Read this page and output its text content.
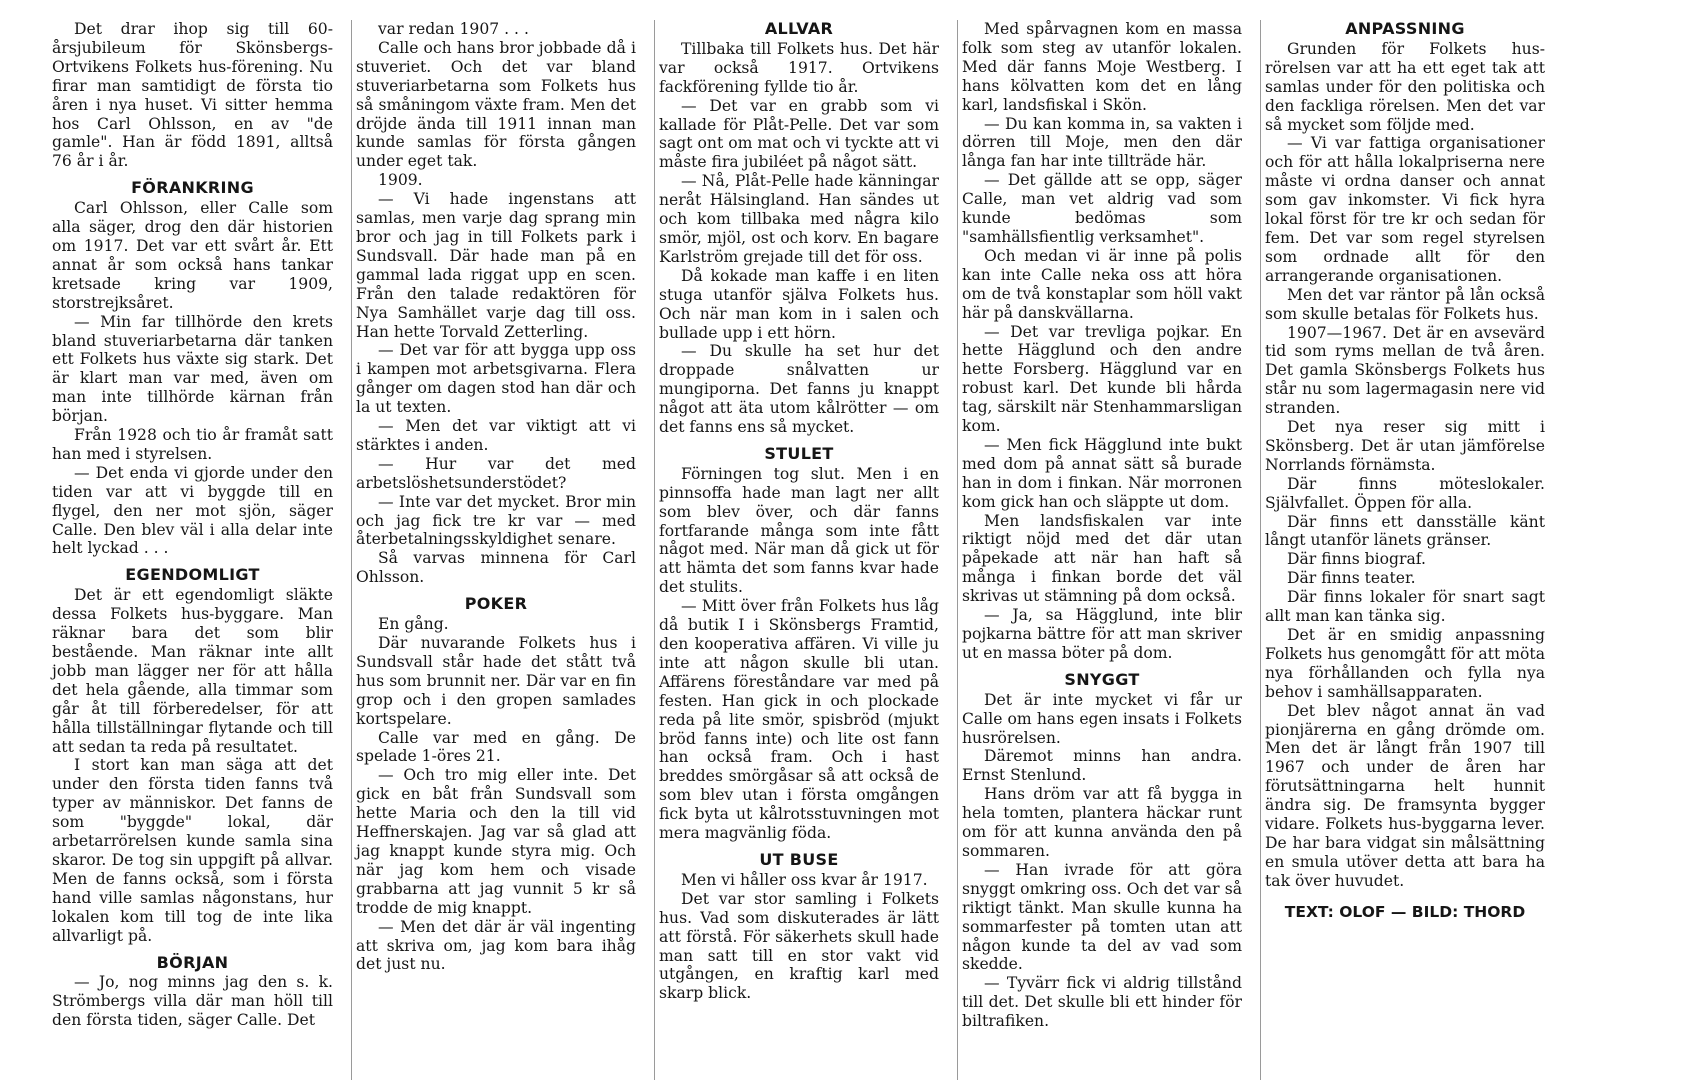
Det drar ihop sig till 60-årsjubileum för Skönsbergs-Ortvikens Folkets hus-förening. Nu firar man samtidigt de första tio åren i nya huset. Vi sitter hemma hos Carl Ohlsson, en av "de gamle". Han är född 1891, alltså 76 år i år.

FÖRANKRING

Carl Ohlsson, eller Calle som alla säger, drog den där historien om 1917. Det var ett svårt år. Ett annat år som också hans tankar kretsade kring var 1909, storstrejksåret.

— Min far tillhörde den krets bland stuveriarbetarna där tanken ett Folkets hus växte sig stark. Det är klart man var med, även om man inte tillhörde kärnan från början.

Från 1928 och tio år framåt satt han med i styrelsen.

— Det enda vi gjorde under den tiden var att vi byggde till en flygel, den ner mot sjön, säger Calle. Den blev väl i alla delar inte helt lyckad . . .

EGENDOMLIGT

Det är ett egendomligt släkte dessa Folkets hus-byggare. Man räknar bara det som blir bestående. Man räknar inte allt jobb man lägger ner för att hålla det hela gående, alla timmar som går åt till förberedelser, för att hålla tillställningar flytande och till att sedan ta reda på resultatet.

I stort kan man säga att det under den första tiden fanns två typer av människor. Det fanns de som "byggde" lokal, där arbetarrörelsen kunde samla sina skaror. De tog sin uppgift på allvar. Men de fanns också, som i första hand ville samlas någonstans, hur lokalen kom till tog de inte lika allvarligt på.

BÖRJAN

— Jo, nog minns jag den s. k. Strömbergs villa där man höll till den första tiden, säger Calle. Det

var redan 1907 . . .

Calle och hans bror jobbade då i stuveriet. Och det var bland stuveriarbetarna som Folkets hus så småningom växte fram. Men det dröjde ända till 1911 innan man kunde samlas för första gången under eget tak.

1909.

— Vi hade ingenstans att samlas, men varje dag sprang min bror och jag in till Folkets park i Sundsvall. Där hade man på en gammal lada riggat upp en scen. Från den talade redaktören för Nya Samhället varje dag till oss. Han hette Torvald Zetterling.

— Det var för att bygga upp oss i kampen mot arbetsgivarna. Flera gånger om dagen stod han där och la ut texten.

— Men det var viktigt att vi stärktes i anden.

— Hur var det med arbetslöshetsunderstödet?

— Inte var det mycket. Bror min och jag fick tre kr var — med återbetalningsskyldighet senare.

Så varvas minnena för Carl Ohlsson.

POKER

En gång.

Där nuvarande Folkets hus i Sundsvall står hade det stått två hus som brunnit ner. Där var en fin grop och i den gropen samlades kortspelare.

Calle var med en gång. De spelade 1-öres 21.

— Och tro mig eller inte. Det gick en båt från Sundsvall som hette Maria och den la till vid Heffnerskajen. Jag var så glad att jag knappt kunde styra mig. Och när jag kom hem och visade grabbarna att jag vunnit 5 kr så trodde de mig knappt.

— Men det där är väl ingenting att skriva om, jag kom bara ihåg det just nu.

ALLVAR

Tillbaka till Folkets hus. Det här var också 1917. Ortvikens fackförening fyllde tio år.

— Det var en grabb som vi kallade för Plåt-Pelle. Det var som sagt ont om mat och vi tyckte att vi måste fira jubiléet på något sätt.

— Nå, Plåt-Pelle hade känningar neråt Hälsingland. Han sändes ut och kom tillbaka med några kilo smör, mjöl, ost och korv. En bagare Karlström grejade till det för oss.

Då kokade man kaffe i en liten stuga utanför själva Folkets hus. Och när man kom in i salen och bullade upp i ett hörn.

— Du skulle ha set hur det droppade snålvatten ur mungiporna. Det fanns ju knappt något att äta utom kålrötter — om det fanns ens så mycket.

STULET

Förningen tog slut. Men i en pinnsoffa hade man lagt ner allt som blev över, och där fanns fortfarande många som inte fått något med. När man då gick ut för att hämta det som fanns kvar hade det stulits.

— Mitt över från Folkets hus låg då butik I i Skönsbergs Framtid, den kooperativa affären. Vi ville ju inte att någon skulle bli utan. Affärens föreståndare var med på festen. Han gick in och plockade reda på lite smör, spisbröd (mjukt bröd fanns inte) och lite ost fann han också fram. Och i hast breddes smörgåsar så att också de som blev utan i första omgången fick byta ut kålrotsstuvningen mot mera magvänlig föda.

UT BUSE

Men vi håller oss kvar år 1917.

Det var stor samling i Folkets hus. Vad som diskuterades är lätt att förstå. För säkerhets skull hade man satt till en stor vakt vid utgången, en kraftig karl med skarp blick.

Med spårvagnen kom en massa folk som steg av utanför lokalen. Med där fanns Moje Westberg. I hans kölvatten kom det en lång karl, landsfiskal i Skön.

— Du kan komma in, sa vakten i dörren till Moje, men den där långa fan har inte tillträde här.

— Det gällde att se opp, säger Calle, man vet aldrig vad som kunde bedömas som "samhällsfientlig verksamhet".

Och medan vi är inne på polis kan inte Calle neka oss att höra om de två konstaplar som höll vakt här på danskvällarna.

— Det var trevliga pojkar. En hette Hägglund och den andre hette Forsberg. Hägglund var en robust karl. Det kunde bli hårda tag, särskilt när Stenhammarsligan kom.

— Men fick Hägglund inte bukt med dom på annat sätt så burade han in dom i finkan. När morronen kom gick han och släppte ut dom.

Men landsfiskalen var inte riktigt nöjd med det där utan påpekade att när han haft så många i finkan borde det väl skrivas ut stämning på dom också.

— Ja, sa Hägglund, inte blir pojkarna bättre för att man skriver ut en massa böter på dom.

SNYGGT

Det är inte mycket vi får ur Calle om hans egen insats i Folkets husrörelsen.

Däremot minns han andra. Ernst Stenlund.

Hans dröm var att få bygga in hela tomten, plantera häckar runt om för att kunna använda den på sommaren.

— Han ivrade för att göra snyggt omkring oss. Och det var så riktigt tänkt. Man skulle kunna ha sommarfester på tomten utan att någon kunde ta del av vad som skedde.

— Tyvärr fick vi aldrig tillstånd till det. Det skulle bli ett hinder för biltrafiken.

ANPASSNING

Grunden för Folkets hus-rörelsen var att ha ett eget tak att samlas under för den politiska och den fackliga rörelsen. Men det var så mycket som följde med.

— Vi var fattiga organisationer och för att hålla lokalpriserna nere måste vi ordna danser och annat som gav inkomster. Vi fick hyra lokal först för tre kr och sedan för fem. Det var som regel styrelsen som ordnade allt för den arrangerande organisationen.

Men det var räntor på lån också som skulle betalas för Folkets hus.

1907—1967. Det är en avsevärd tid som ryms mellan de två åren. Det gamla Skönsbergs Folkets hus står nu som lagermagasin nere vid stranden.

Det nya reser sig mitt i Skönsberg. Det är utan jämförelse Norrlands förnämsta.

Där finns möteslokaler. Självfallet. Öppen för alla.

Där finns ett dansställe känt långt utanför länets gränser.

Där finns biograf.

Där finns teater.

Där finns lokaler för snart sagt allt man kan tänka sig.

Det är en smidig anpassning Folkets hus genomgått för att möta nya förhållanden och fylla nya behov i samhällsapparaten.

Det blev något annat än vad pionjärerna en gång drömde om. Men det är långt från 1907 till 1967 och under de åren har förutsättningarna helt hunnit ändra sig. De framsynta bygger vidare. Folkets hus-byggarna lever. De har bara vidgat sin målsättning en smula utöver detta att bara ha tak över huvudet.

TEXT: OLOF — BILD: THORD
